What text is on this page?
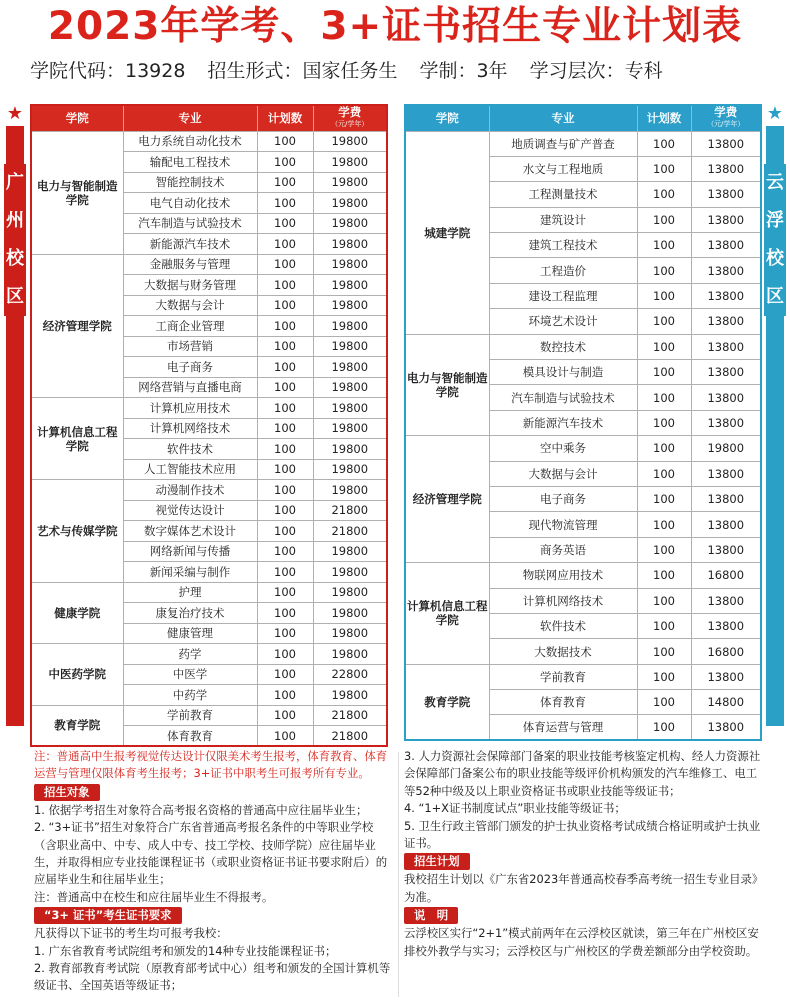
2023年学考、3+证书招生专业计划表
学院代码：13928 招生形式：国家任务生 学制：3年 学习层次：专科
★
广
州
校
区
★
云
浮
校
区
学院	专业	计划数	学费
（元/学年）

电力与智能制造学院	电力系统自动化技术	100	19800
	输配电工程技术	100	19800
	智能控制技术	100	19800
	电气自动化技术	100	19800
	汽车制造与试验技术	100	19800
	新能源汽车技术	100	19800
经济管理学院	金融服务与管理	100	19800
	大数据与财务管理	100	19800
	大数据与会计	100	19800
	工商企业管理	100	19800
	市场营销	100	19800
	电子商务	100	19800
	网络营销与直播电商	100	19800
计算机信息工程学院	计算机应用技术	100	19800
	计算机网络技术	100	19800
	软件技术	100	19800
	人工智能技术应用	100	19800
艺术与传媒学院	动漫制作技术	100	19800
	视觉传达设计	100	21800
	数字媒体艺术设计	100	21800
	网络新闻与传播	100	19800
	新闻采编与制作	100	19800
健康学院	护理	100	19800
	康复治疗技术	100	19800
	健康管理	100	19800
中医药学院	药学	100	19800
	中医学	100	22800
	中药学	100	19800
教育学院	学前教育	100	21800
	体育教育	100	21800
学院	专业	计划数	学费
（元/学年）

城建学院	地质调查与矿产普查	100	13800
	水文与工程地质	100	13800
	工程测量技术	100	13800
	建筑设计	100	13800
	建筑工程技术	100	13800
	工程造价	100	13800
	建设工程监理	100	13800
	环境艺术设计	100	13800
电力与智能制造学院	数控技术	100	13800
	模具设计与制造	100	13800
	汽车制造与试验技术	100	13800
	新能源汽车技术	100	13800
经济管理学院	空中乘务	100	19800
	大数据与会计	100	13800
	电子商务	100	13800
	现代物流管理	100	13800
	商务英语	100	13800
计算机信息工程学院	物联网应用技术	100	16800
	计算机网络技术	100	13800
	软件技术	100	13800
	大数据技术	100	16800
教育学院	学前教育	100	13800
	体育教育	100	14800
	体育运营与管理	100	13800

注：普通高中生报考视觉传达设计仅限美术考生报考，体育教育、体育运营与管理仅限体育考生报考；3+证书中职考生可报考所有专业。

招生对象

1. 依据学考招生对象符合高考报名资格的普通高中应往届毕业生；

2. “3+证书”招生对象符合广东省普通高考报名条件的中等职业学校（含职业高中、中专、成人中专、技工学校、技师学院）应往届毕业生，并取得相应专业技能课程证书（或职业资格证书证书要求附后）的应届毕业生和往届毕业生；

注：普通高中在校生和应往届毕业生不得报考。

“3+ 证书”考生证书要求

凡获得以下证书的考生均可报考我校：

1. 广东省教育考试院组考和颁发的14种专业技能课程证书；

2. 教育部教育考试院（原教育部考试中心）组考和颁发的全国计算机等级证书、全国英语等级证书；

3. 人力资源社会保障部门备案的职业技能考核鉴定机构、经人力资源社会保障部门备案公布的职业技能等级评价机构颁发的汽车维修工、电工等52种中级及以上职业资格证书或职业技能等级证书；

4. “1+X证书制度试点”职业技能等级证书；

5. 卫生行政主管部门颁发的护士执业资格考试成绩合格证明或护士执业证书。

招生计划

我校招生计划以《广东省2023年普通高校春季高考统一招生专业目录》为准。

说　明

云浮校区实行“2+1”模式前两年在云浮校区就读，第三年在广州校区安排校外教学与实习；云浮校区与广州校区的学费差额部分由学校资助。
